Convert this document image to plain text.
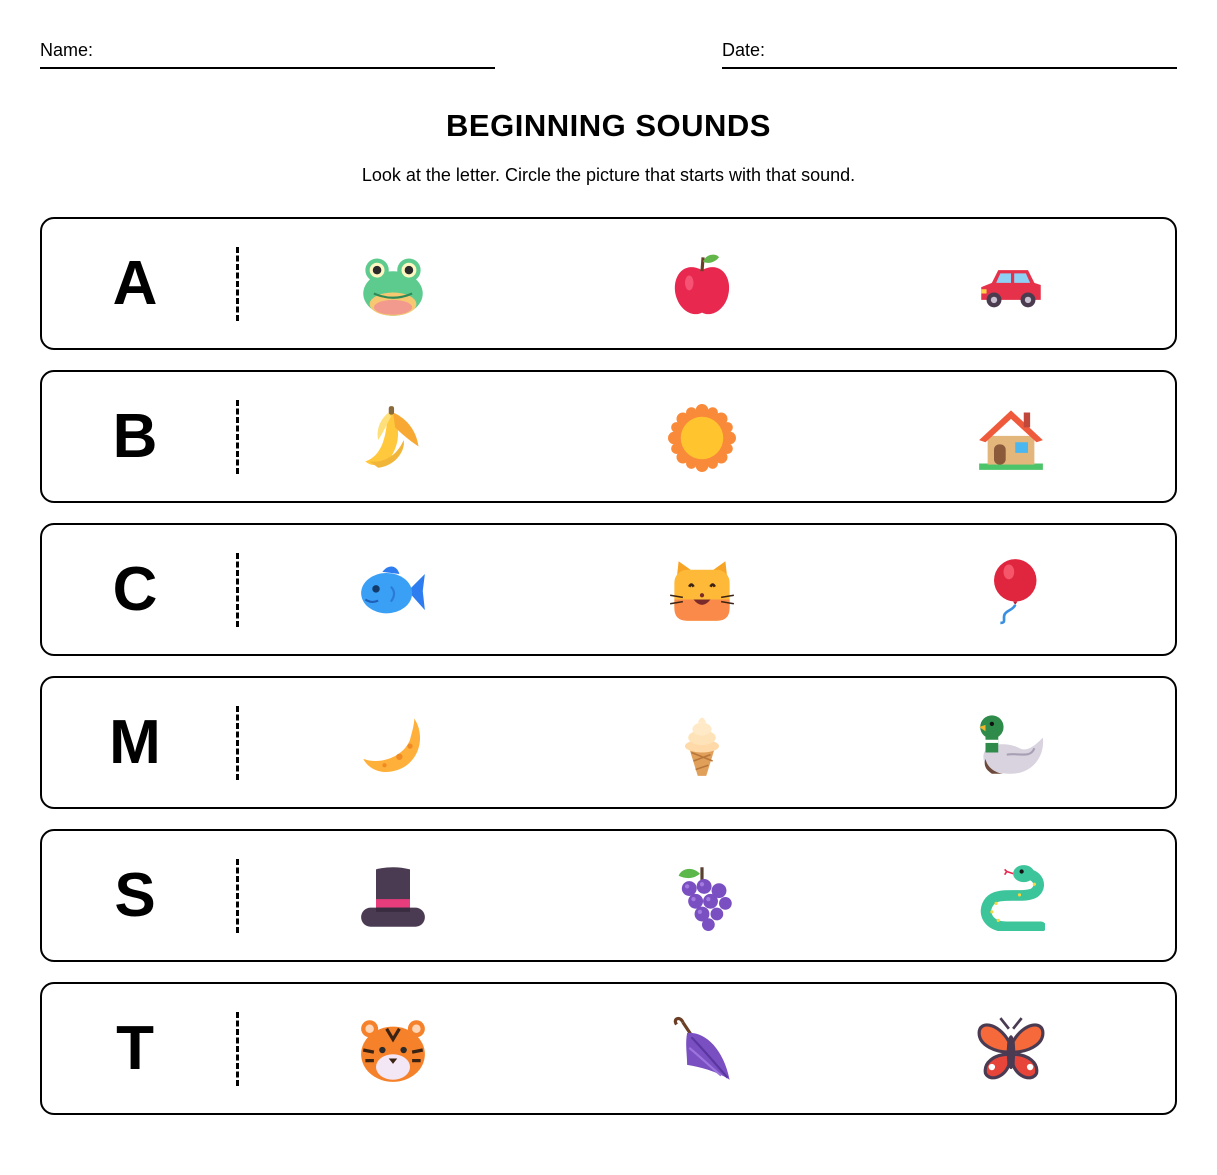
Name:	Date:
BEGINNING SOUNDS
Look at the letter. Circle the picture that starts with that sound.
A
B
C
M
S
T
